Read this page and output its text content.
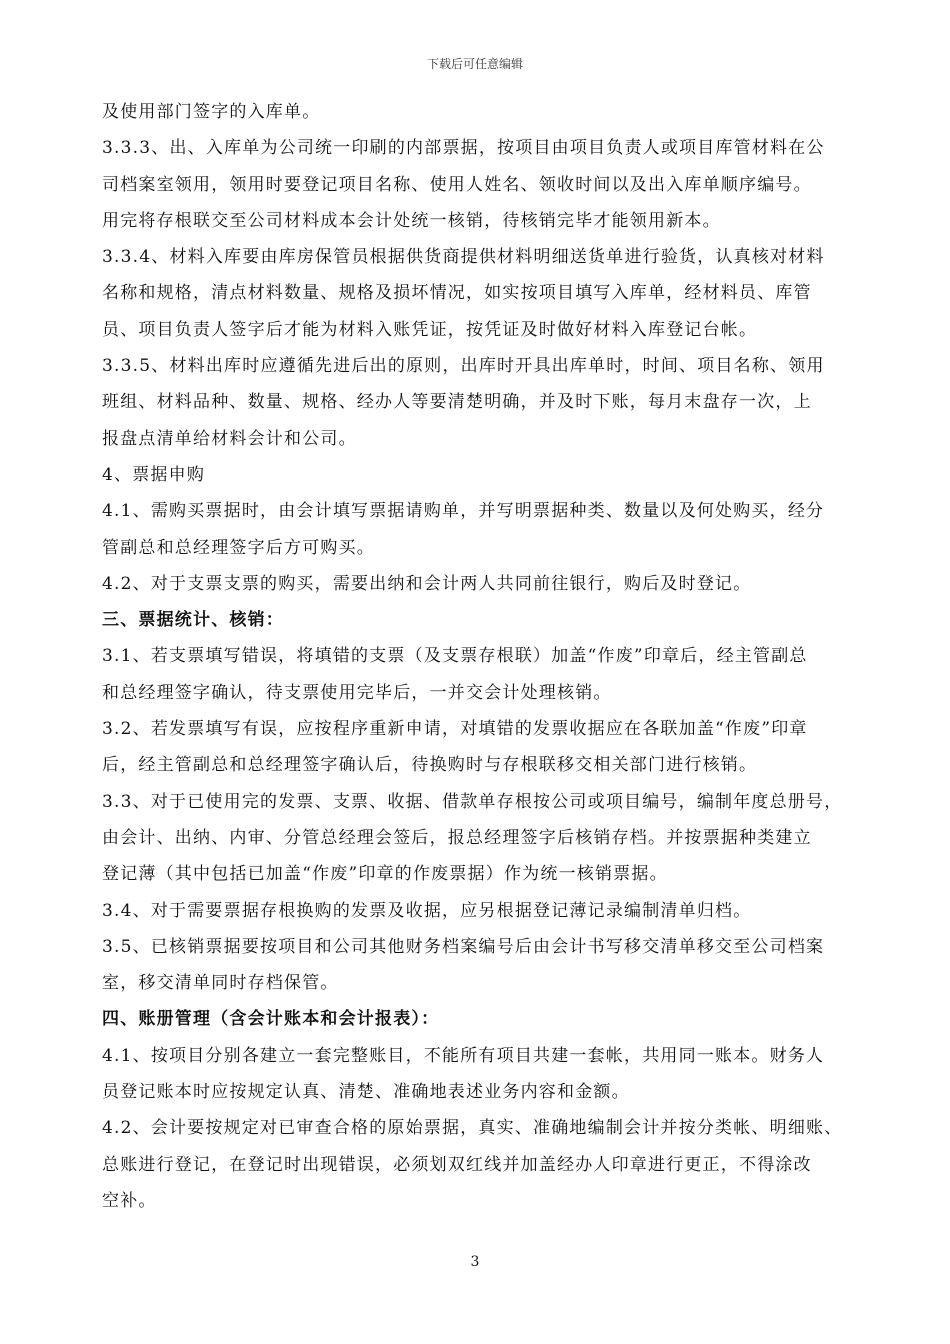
下载后可任意编辑

及使用部门签字的入库单。

3.3.3、出、入库单为公司统一印刷的内部票据，按项目由项目负责人或项目库管材料在公
司档案室领用，领用时要登记项目名称、使用人姓名、领收时间以及出入库单顺序编号。
用完将存根联交至公司材料成本会计处统一核销，待核销完毕才能领用新本。

3.3.4、材料入库要由库房保管员根据供货商提供材料明细送货单进行验货，认真核对材料
名称和规格，清点材料数量、规格及损坏情况，如实按项目填写入库单，经材料员、库管
员、项目负责人签字后才能为材料入账凭证，按凭证及时做好材料入库登记台帐。

3.3.5、材料出库时应遵循先进后出的原则，出库时开具出库单时，时间、项目名称、领用
班组、材料品种、数量、规格、经办人等要清楚明确，并及时下账，每月末盘存一次，上
报盘点清单给材料会计和公司。

4、票据申购

4.1、需购买票据时，由会计填写票据请购单，并写明票据种类、数量以及何处购买，经分
管副总和总经理签字后方可购买。

4.2、对于支票支票的购买，需要出纳和会计两人共同前往银行，购后及时登记。

三、票据统计、核销：

3.1、若支票填写错误，将填错的支票（及支票存根联）加盖“作废”印章后，经主管副总
和总经理签字确认，待支票使用完毕后，一并交会计处理核销。

3.2、若发票填写有误，应按程序重新申请，对填错的发票收据应在各联加盖“作废”印章
后，经主管副总和总经理签字确认后，待换购时与存根联移交相关部门进行核销。

3.3、对于已使用完的发票、支票、收据、借款单存根按公司或项目编号，编制年度总册号，
由会计、出纳、内审、分管总经理会签后，报总经理签字后核销存档。并按票据种类建立
登记薄（其中包括已加盖“作废”印章的作废票据）作为统一核销票据。

3.4、对于需要票据存根换购的发票及收据，应另根据登记薄记录编制清单归档。

3.5、已核销票据要按项目和公司其他财务档案编号后由会计书写移交清单移交至公司档案
室，移交清单同时存档保管。

四、账册管理（含会计账本和会计报表）：

4.1、按项目分别各建立一套完整账目，不能所有项目共建一套帐，共用同一账本。财务人
员登记账本时应按规定认真、清楚、准确地表述业务内容和金额。

4.2、会计要按规定对已审查合格的原始票据，真实、准确地编制会计并按分类帐、明细账、
总账进行登记，在登记时出现错误，必须划双红线并加盖经办人印章进行更正，不得涂改
空补。

3
